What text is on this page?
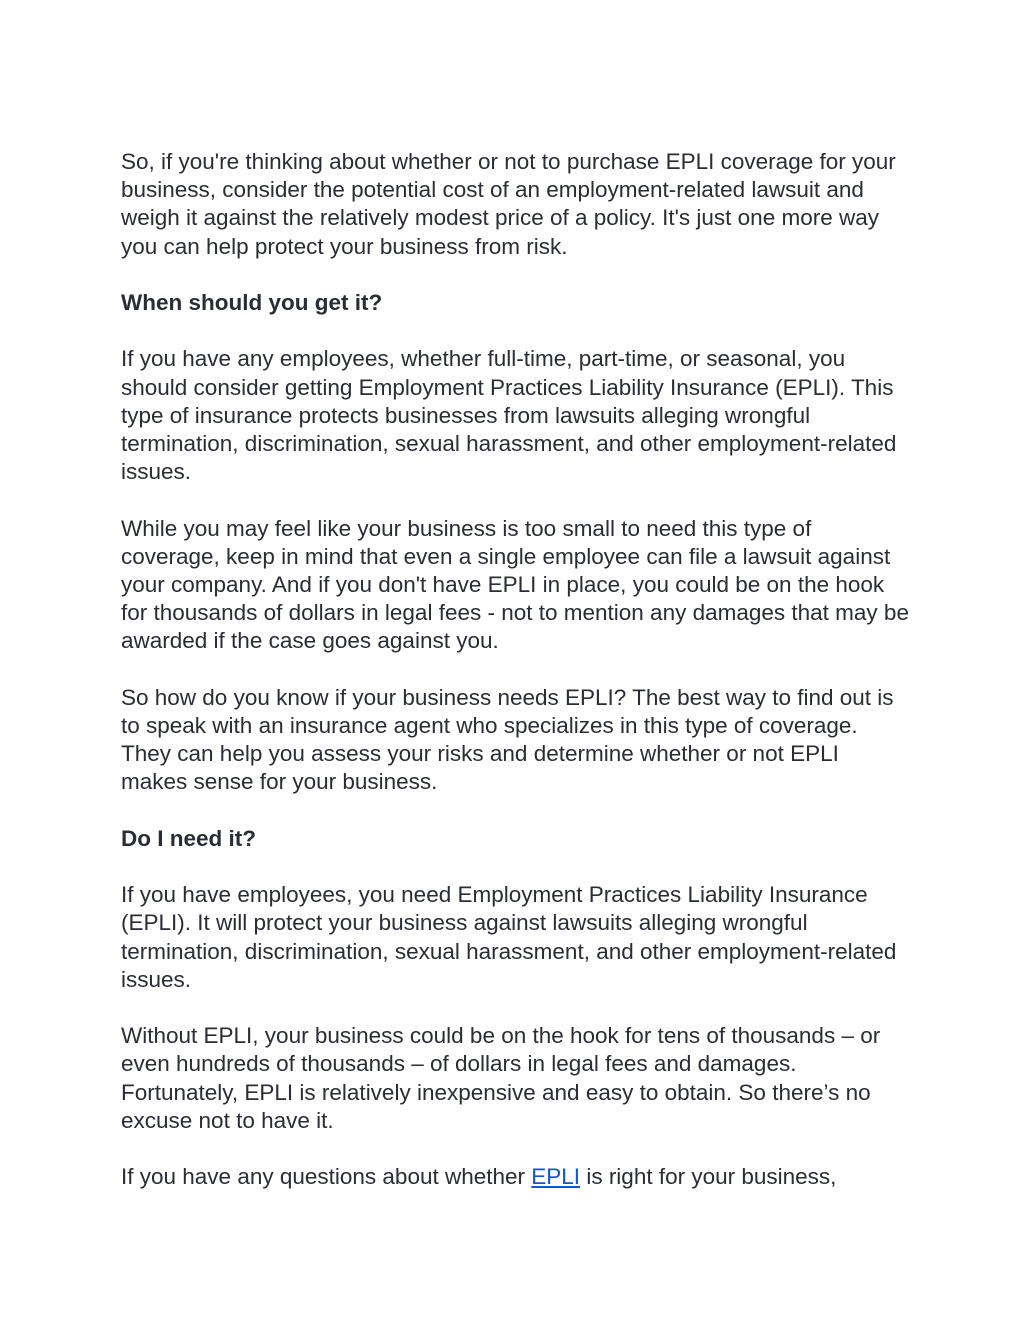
So, if you're thinking about whether or not to purchase EPLI coverage for your business, consider the potential cost of an employment-related lawsuit and weigh it against the relatively modest price of a policy. It's just one more way you can help protect your business from risk.

When should you get it?

If you have any employees, whether full-time, part-time, or seasonal, you should consider getting Employment Practices Liability Insurance (EPLI). This type of insurance protects businesses from lawsuits alleging wrongful termination, discrimination, sexual harassment, and other employment-related issues.

While you may feel like your business is too small to need this type of coverage, keep in mind that even a single employee can file a lawsuit against your company. And if you don't have EPLI in place, you could be on the hook for thousands of dollars in legal fees - not to mention any damages that may be awarded if the case goes against you.

So how do you know if your business needs EPLI? The best way to find out is to speak with an insurance agent who specializes in this type of coverage. They can help you assess your risks and determine whether or not EPLI makes sense for your business.

Do I need it?

If you have employees, you need Employment Practices Liability Insurance (EPLI). It will protect your business against lawsuits alleging wrongful termination, discrimination, sexual harassment, and other employment-related issues.

Without EPLI, your business could be on the hook for tens of thousands – or even hundreds of thousands – of dollars in legal fees and damages. Fortunately, EPLI is relatively inexpensive and easy to obtain. So there’s no excuse not to have it.

If you have any questions about whether EPLI is right for your business,
